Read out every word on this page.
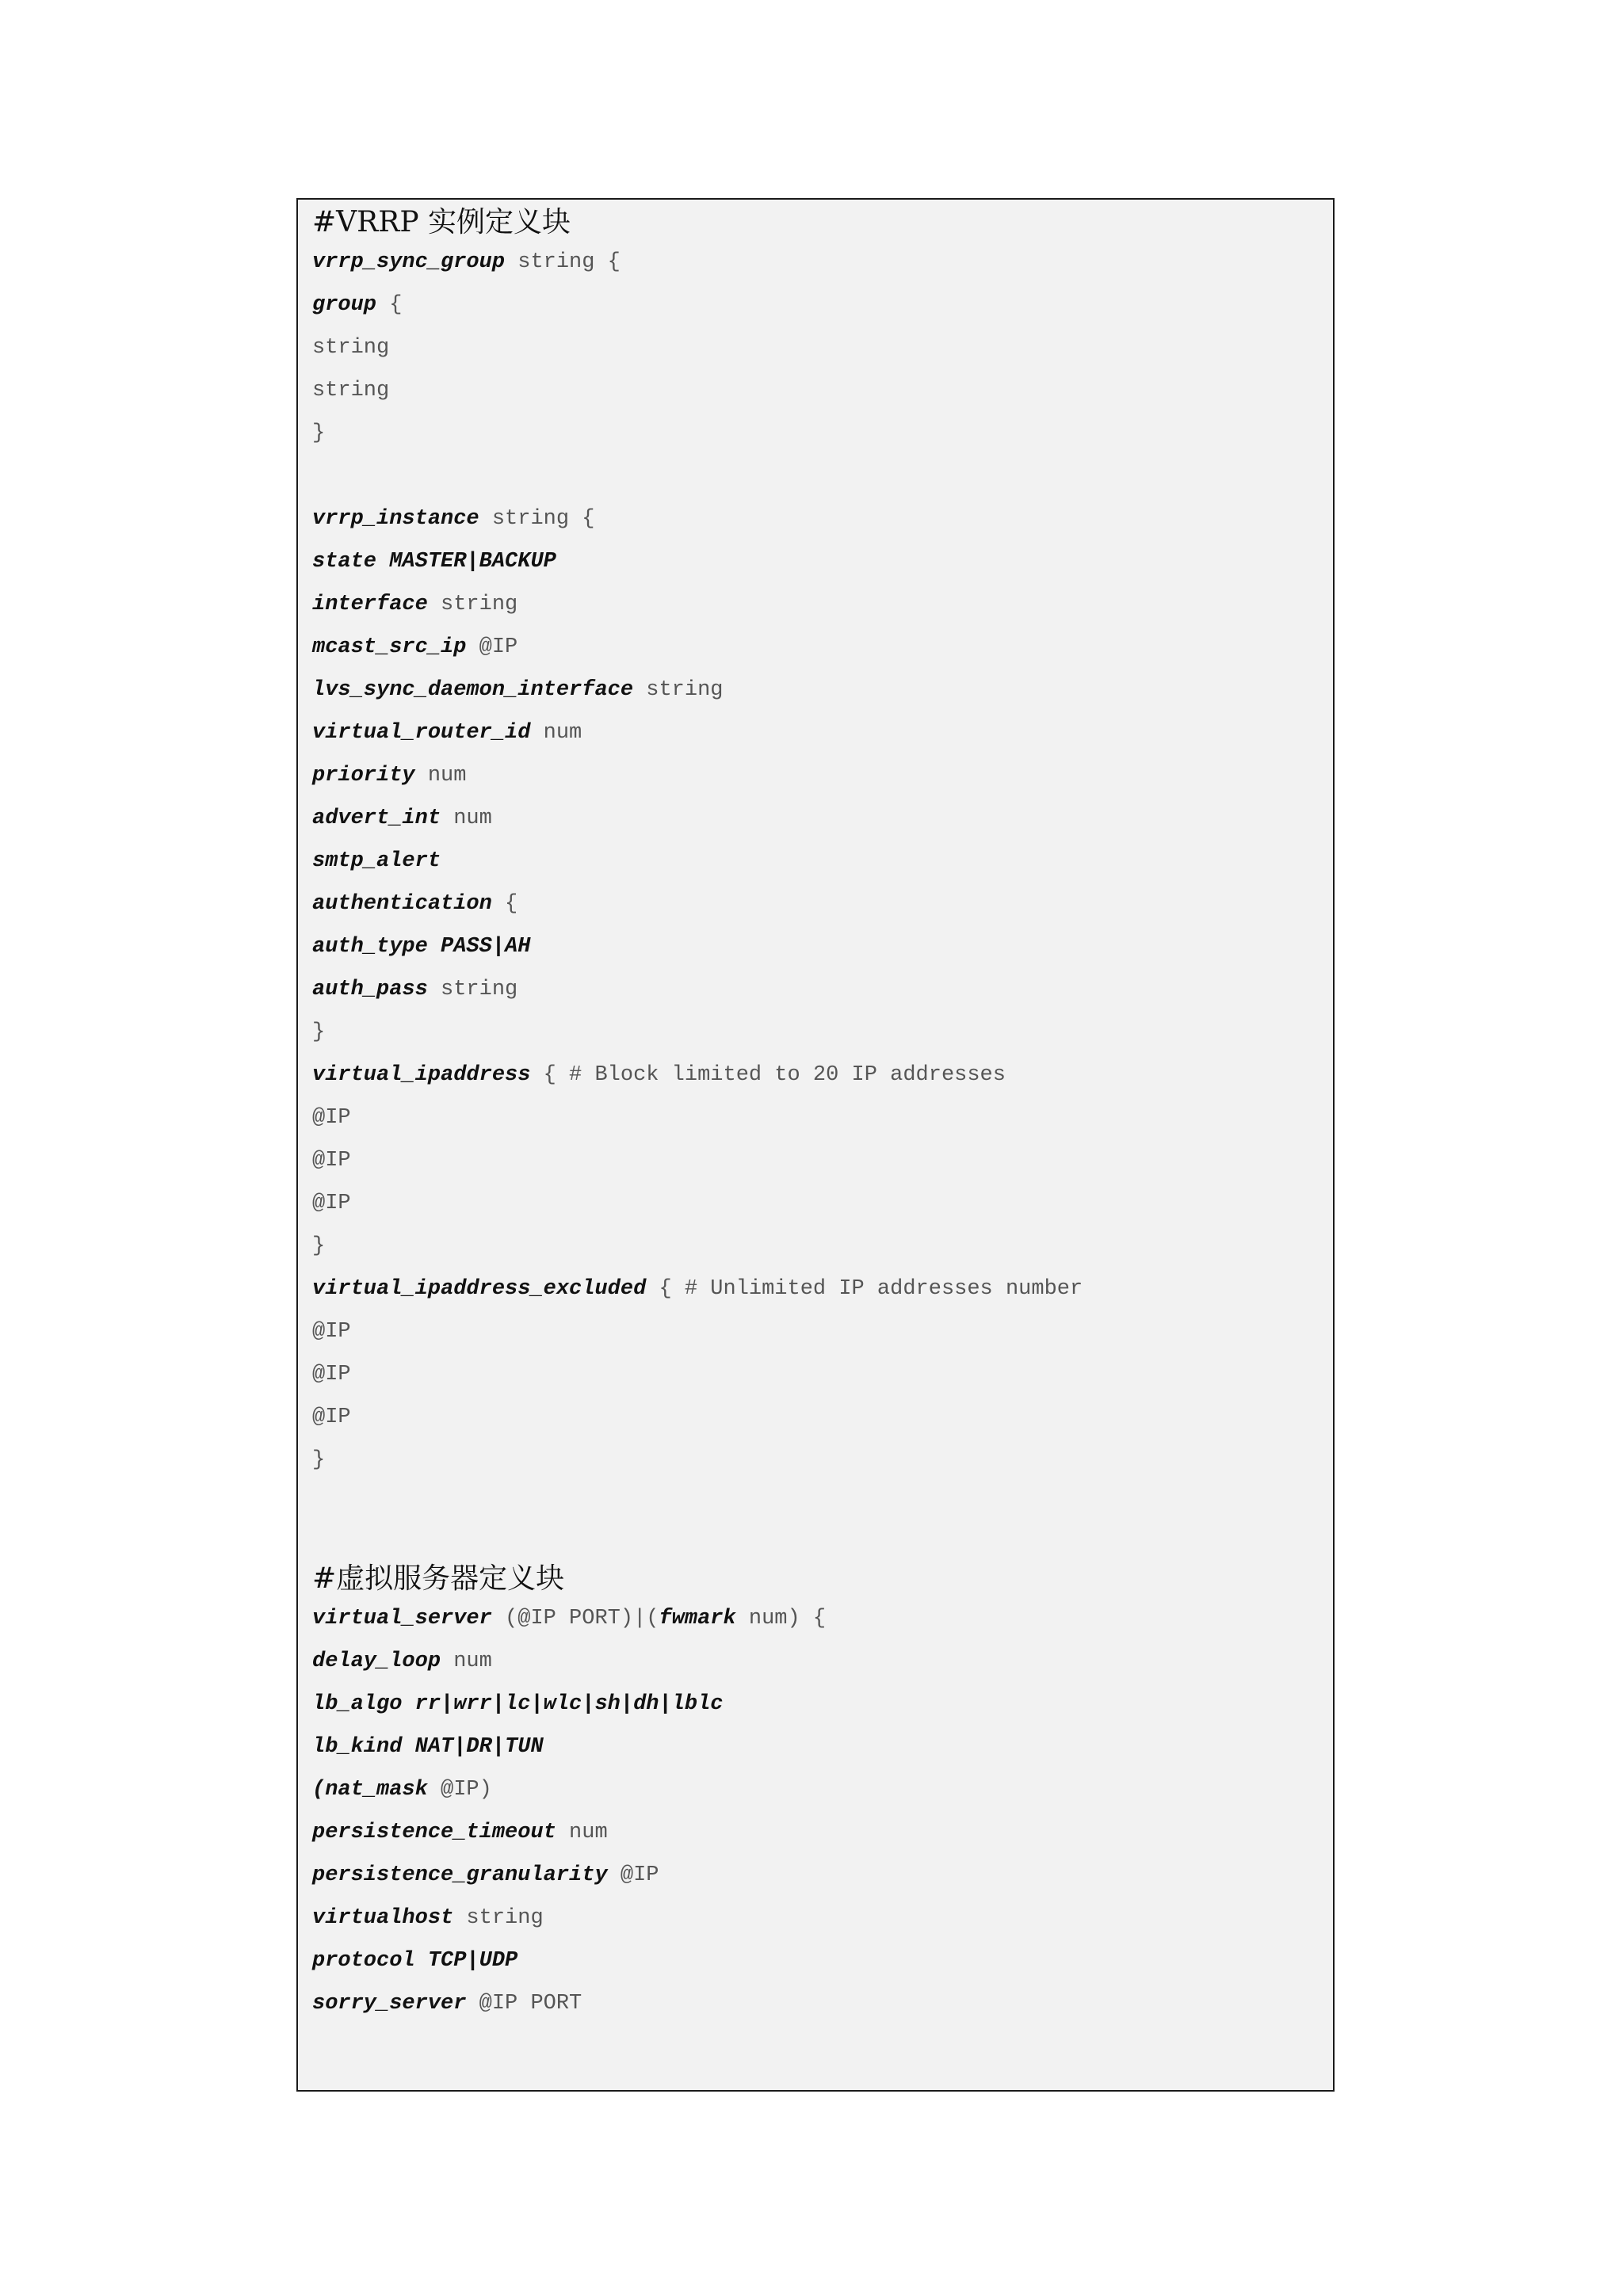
#VRRP 实例定义块
vrrp_sync_group string {
group {
string
string
}
vrrp_instance string {
state MASTER|BACKUP
interface string
mcast_src_ip @IP
lvs_sync_daemon_interface string
virtual_router_id num
priority num
advert_int num
smtp_alert
authentication {
auth_type PASS|AH
auth_pass string
}
virtual_ipaddress { # Block limited to 20 IP addresses
@IP
@IP
@IP
}
virtual_ipaddress_excluded { # Unlimited IP addresses number
@IP
@IP
@IP
}
#虚拟服务器定义块
virtual_server (@IP PORT)|(fwmark num) {
delay_loop num
lb_algo rr|wrr|lc|wlc|sh|dh|lblc
lb_kind NAT|DR|TUN
(nat_mask @IP)
persistence_timeout num
persistence_granularity @IP
virtualhost string
protocol TCP|UDP
sorry_server @IP PORT
